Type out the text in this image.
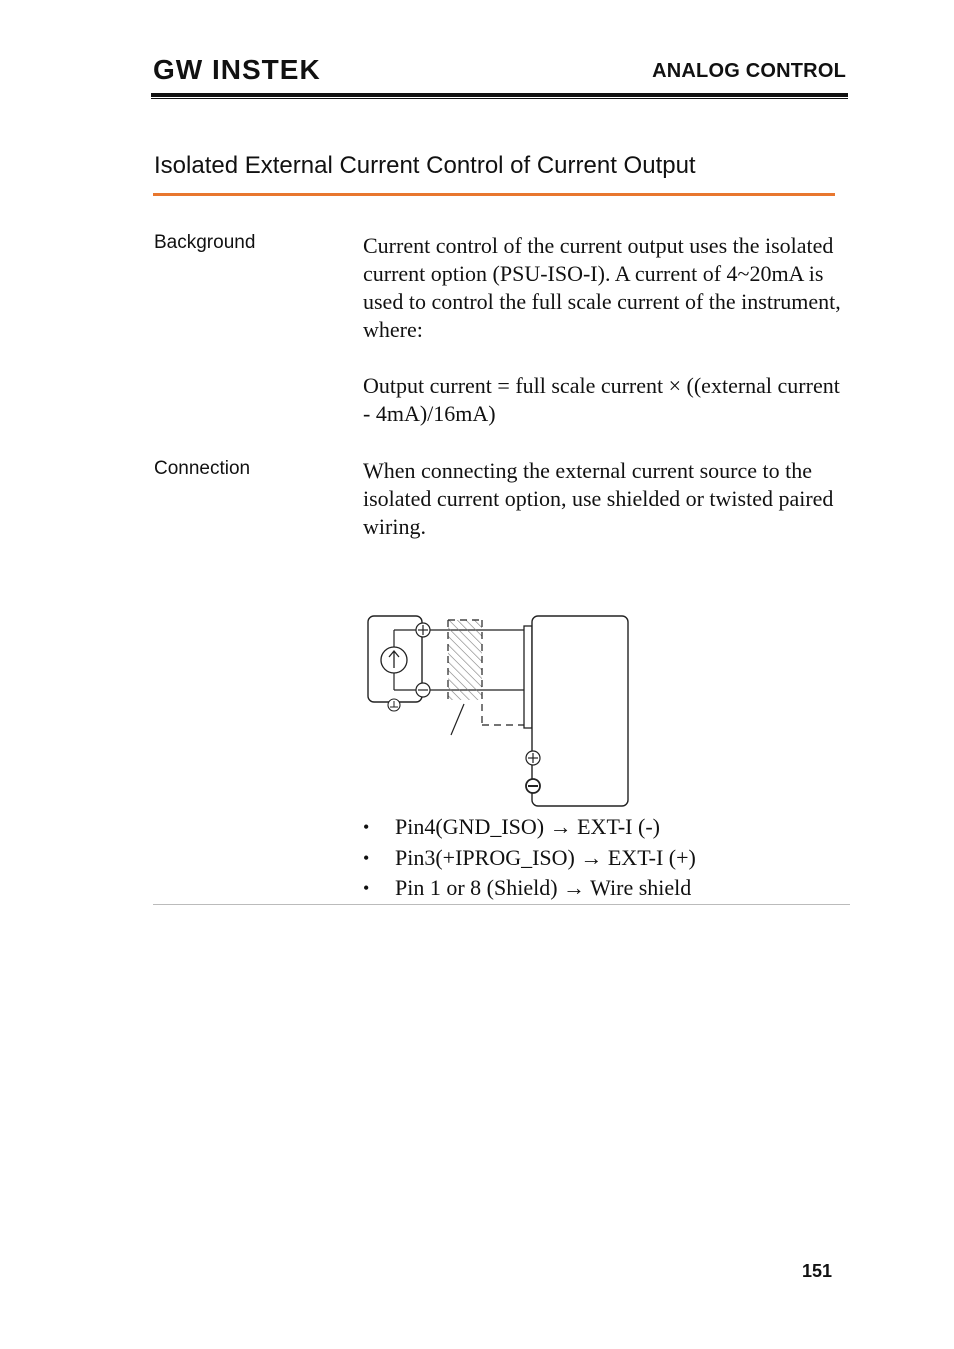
GW INSTEK	ANALOG CONTROL
Isolated External Current Control of Current Output
Background	Current control of the current output uses the isolated current option (PSU-ISO-I). A current of 4~20mA is used to control the full scale current of the instrument, where:

Output current = full scale current × ((external current - 4mA)/16mA)

Connection	When connecting the external current source to the isolated current option, use shielded or twisted paired wiring.

• Pin4(GND_ISO) → EXT-I (-)
• Pin3(+IPROG_ISO) → EXT-I (+)
• Pin 1 or 8 (Shield) → Wire shield
151
